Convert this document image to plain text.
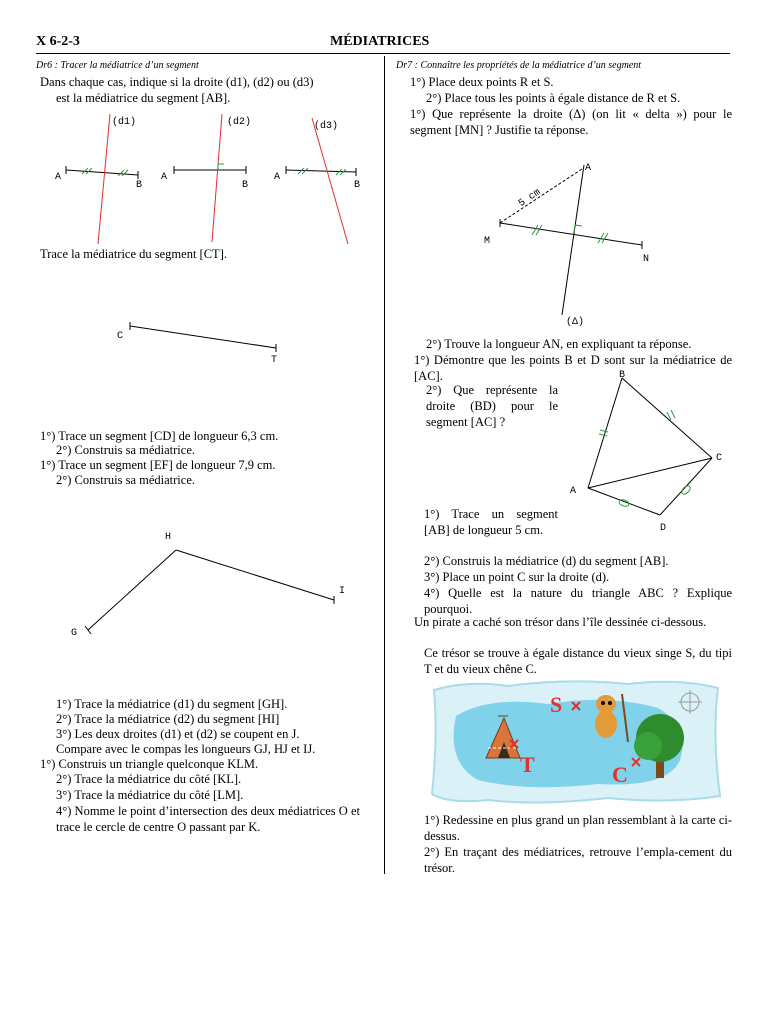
X 6-2-3	MÉDIATRICES
Dr6 : Tracer la médiatrice d’un segment
Dans chaque cas, indique si la droite (d1), (d2) ou (d3)
est la médiatrice du segment [AB].
(d1)	(d2)	(d3)
A
B
A
B
A
B
Trace la médiatrice du segment [CT].
C
T
1°) Trace un segment [CD] de longueur 6,3 cm.
2°) Construis sa médiatrice.
1°) Trace un segment [EF] de longueur 7,9 cm.
2°) Construis sa médiatrice.
H
I
G
1°) Trace la médiatrice (d1) du segment [GH].
2°) Trace la médiatrice (d2) du segment [HI]
3°) Les deux droites (d1) et (d2) se coupent en J.
Compare avec le compas les longueurs GJ, HJ et IJ.
1°) Construis un triangle quelconque KLM.
2°) Trace la médiatrice du côté [KL].
3°) Trace la médiatrice du côté [LM].
4°) Nomme le point d’intersection des deux médiatrices O et trace le cercle de centre O passant par K.
Dr7 : Connaître les propriétés de la médiatrice d’un segment
1°) Place deux points R et S.
2°) Place tous les points à égale distance de R et S.
1°) Que représente la droite (Δ) (on lit « delta ») pour le segment [MN] ? Justifie ta réponse.
A
M
N
(Δ)
5 cm
2°) Trouve la longueur AN, en expliquant ta réponse.
1°) Démontre que les points B et D sont sur la médiatrice de [AC].
2°) Que représente la droite (BD) pour le segment [AC] ?
B
C
A
D
1°) Trace un segment [AB] de longueur 5 cm.
2°) Construis la médiatrice (d) du segment [AB].
3°) Place un point C sur la droite (d).
4°) Quelle est la nature du triangle ABC ? Explique pourquoi.
Un pirate a caché son trésor dans l’île dessinée ci-dessous.
Ce trésor se trouve à égale distance du vieux singe S, du tipi T et du vieux chêne C.
S
T	C
1°) Redessine en plus grand un plan ressemblant à la carte ci-dessus.
2°) En traçant des médiatrices, retrouve l’empla-cement du trésor.
